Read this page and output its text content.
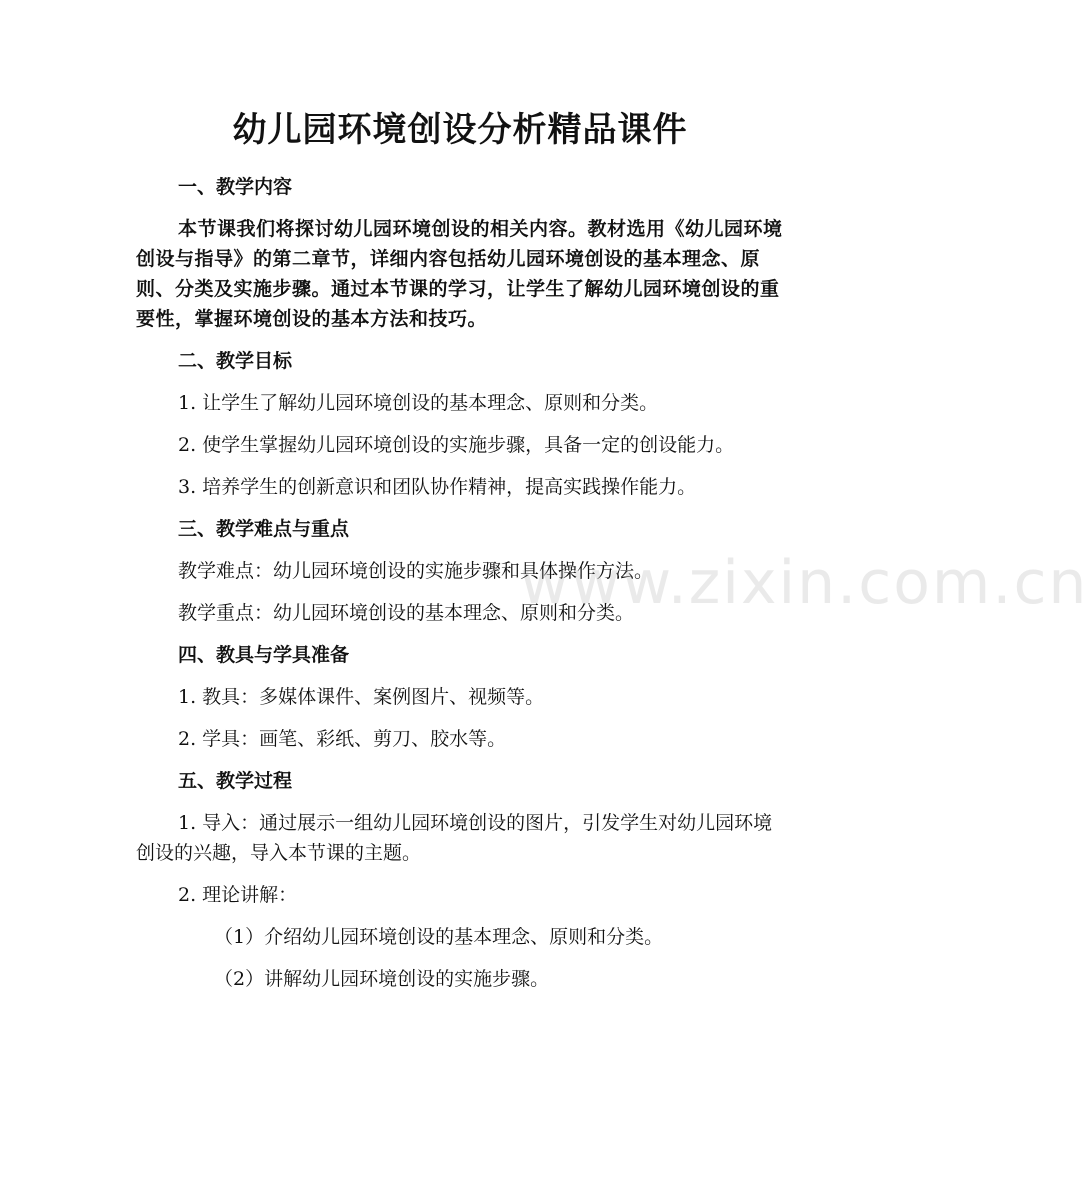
幼儿园环境创设分析精品课件

一、教学内容

本节课我们将探讨幼儿园环境创设的相关内容。教材选用《幼儿园环境创设与指导》的第二章节，详细内容包括幼儿园环境创设的基本理念、原则、分类及实施步骤。通过本节课的学习，让学生了解幼儿园环境创设的重要性，掌握环境创设的基本方法和技巧。

二、教学目标

1. 让学生了解幼儿园环境创设的基本理念、原则和分类。

2. 使学生掌握幼儿园环境创设的实施步骤，具备一定的创设能力。

3. 培养学生的创新意识和团队协作精神，提高实践操作能力。

三、教学难点与重点

教学难点：幼儿园环境创设的实施步骤和具体操作方法。

教学重点：幼儿园环境创设的基本理念、原则和分类。

四、教具与学具准备

1. 教具：多媒体课件、案例图片、视频等。

2. 学具：画笔、彩纸、剪刀、胶水等。

五、教学过程

1. 导入：通过展示一组幼儿园环境创设的图片，引发学生对幼儿园环境创设的兴趣，导入本节课的主题。

2. 理论讲解：

（1）介绍幼儿园环境创设的基本理念、原则和分类。

（2）讲解幼儿园环境创设的实施步骤。

www.zixin.com.cn
